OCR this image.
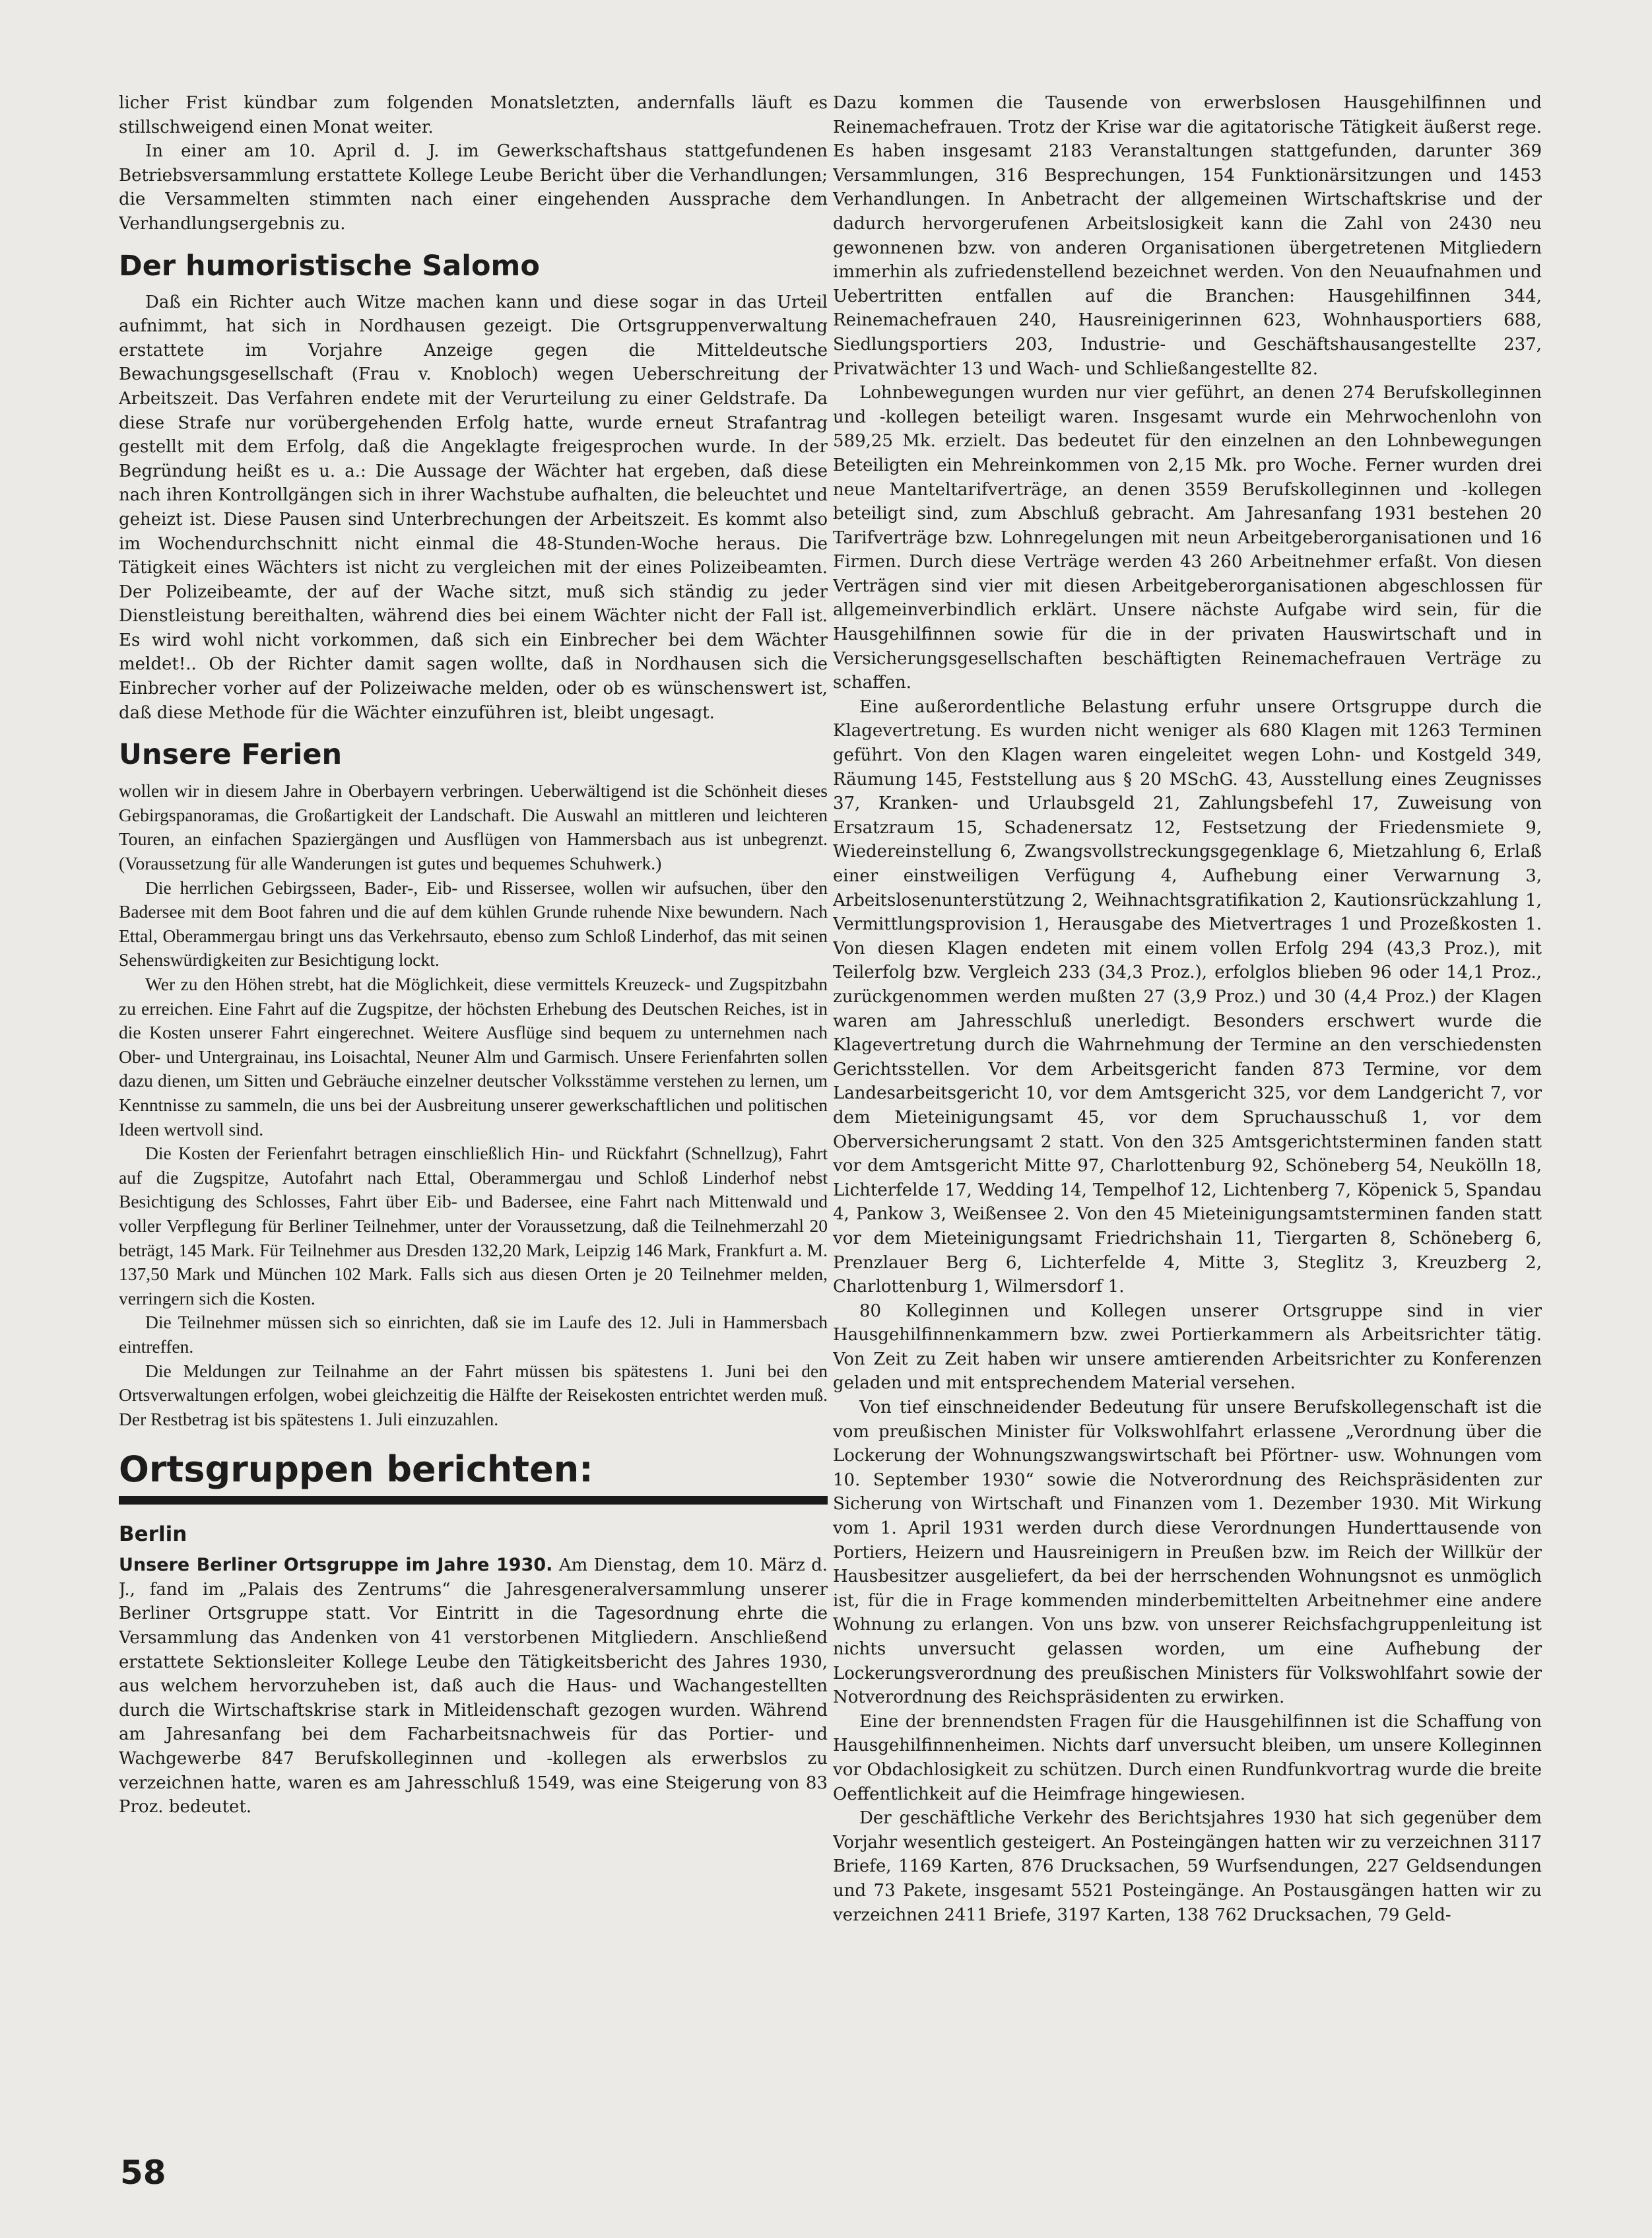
licher Frist kündbar zum folgenden Monatsletzten, andernfalls läuft es stillschweigend einen Monat weiter.

In einer am 10. April d. J. im Gewerkschaftshaus stattgefundenen Betriebsversammlung erstattete Kollege Leube Bericht über die Verhandlungen; die Versammelten stimmten nach einer eingehenden Aussprache dem Verhandlungsergebnis zu.

Der humoristische Salomo

Daß ein Richter auch Witze machen kann und diese sogar in das Urteil aufnimmt, hat sich in Nordhausen gezeigt. Die Ortsgruppenverwaltung erstattete im Vorjahre Anzeige gegen die Mitteldeutsche Bewachungsgesellschaft (Frau v. Knobloch) wegen Ueberschreitung der Arbeitszeit. Das Verfahren endete mit der Verurteilung zu einer Geldstrafe. Da diese Strafe nur vorübergehenden Erfolg hatte, wurde erneut Strafantrag gestellt mit dem Erfolg, daß die Angeklagte freigesprochen wurde. In der Begründung heißt es u. a.: Die Aussage der Wächter hat ergeben, daß diese nach ihren Kontrollgängen sich in ihrer Wachstube aufhalten, die beleuchtet und geheizt ist. Diese Pausen sind Unterbrechungen der Arbeitszeit. Es kommt also im Wochendurchschnitt nicht einmal die 48-Stunden-Woche heraus. Die Tätigkeit eines Wächters ist nicht zu vergleichen mit der eines Polizeibeamten. Der Polizeibeamte, der auf der Wache sitzt, muß sich ständig zu jeder Dienstleistung bereithalten, während dies bei einem Wächter nicht der Fall ist. Es wird wohl nicht vorkommen, daß sich ein Einbrecher bei dem Wächter meldet!.. Ob der Richter damit sagen wollte, daß in Nordhausen sich die Einbrecher vorher auf der Polizeiwache melden, oder ob es wünschenswert ist, daß diese Methode für die Wächter einzuführen ist, bleibt ungesagt.

Unsere Ferien

wollen wir in diesem Jahre in Oberbayern verbringen. Ueberwältigend ist die Schönheit dieses Gebirgspanoramas, die Großartigkeit der Landschaft. Die Auswahl an mittleren und leichteren Touren, an einfachen Spaziergängen und Ausflügen von Hammersbach aus ist unbegrenzt. (Voraussetzung für alle Wanderungen ist gutes und bequemes Schuhwerk.)

Die herrlichen Gebirgsseen, Bader-, Eib- und Rissersee, wollen wir aufsuchen, über den Badersee mit dem Boot fahren und die auf dem kühlen Grunde ruhende Nixe bewundern. Nach Ettal, Oberammergau bringt uns das Verkehrsauto, ebenso zum Schloß Linderhof, das mit seinen Sehenswürdigkeiten zur Besichtigung lockt.

Wer zu den Höhen strebt, hat die Möglichkeit, diese vermittels Kreuzeck- und Zugspitzbahn zu erreichen. Eine Fahrt auf die Zugspitze, der höchsten Erhebung des Deutschen Reiches, ist in die Kosten unserer Fahrt eingerechnet. Weitere Ausflüge sind bequem zu unternehmen nach Ober- und Untergrainau, ins Loisachtal, Neuner Alm und Garmisch. Unsere Ferienfahrten sollen dazu dienen, um Sitten und Gebräuche einzelner deutscher Volksstämme verstehen zu lernen, um Kenntnisse zu sammeln, die uns bei der Ausbreitung unserer gewerkschaftlichen und politischen Ideen wertvoll sind.

Die Kosten der Ferienfahrt betragen einschließlich Hin- und Rückfahrt (Schnellzug), Fahrt auf die Zugspitze, Autofahrt nach Ettal, Oberammergau und Schloß Linderhof nebst Besichtigung des Schlosses, Fahrt über Eib- und Badersee, eine Fahrt nach Mittenwald und voller Verpflegung für Berliner Teilnehmer, unter der Voraussetzung, daß die Teilnehmerzahl 20 beträgt, 145 Mark. Für Teilnehmer aus Dresden 132,20 Mark, Leipzig 146 Mark, Frankfurt a. M. 137,50 Mark und München 102 Mark. Falls sich aus diesen Orten je 20 Teilnehmer melden, verringern sich die Kosten.

Die Teilnehmer müssen sich so einrichten, daß sie im Laufe des 12. Juli in Hammersbach eintreffen.

Die Meldungen zur Teilnahme an der Fahrt müssen bis spätestens 1. Juni bei den Ortsverwaltungen erfolgen, wobei gleichzeitig die Hälfte der Reisekosten entrichtet werden muß. Der Restbetrag ist bis spätestens 1. Juli einzuzahlen.

Ortsgruppen berichten:
Berlin

Unsere Berliner Ortsgruppe im Jahre 1930. Am Dienstag, dem 10. März d. J., fand im „Palais des Zentrums“ die Jahresgeneralversammlung unserer Berliner Ortsgruppe statt. Vor Eintritt in die Tagesordnung ehrte die Versammlung das Andenken von 41 verstorbenen Mitgliedern. Anschließend erstattete Sektionsleiter Kollege Leube den Tätigkeitsbericht des Jahres 1930, aus welchem hervorzuheben ist, daß auch die Haus- und Wachangestellten durch die Wirtschaftskrise stark in Mitleidenschaft gezogen wurden. Während am Jahresanfang bei dem Facharbeitsnachweis für das Portier- und Wachgewerbe 847 Berufskolleginnen und -kollegen als erwerbslos zu verzeichnen hatte, waren es am Jahresschluß 1549, was eine Steigerung von 83 Proz. bedeutet.

Dazu kommen die Tausende von erwerbslosen Hausgehilfinnen und Reinemachefrauen. Trotz der Krise war die agitatorische Tätigkeit äußerst rege. Es haben insgesamt 2183 Veranstaltungen stattgefunden, darunter 369 Versammlungen, 316 Besprechungen, 154 Funktionärsitzungen und 1453 Verhandlungen. In Anbetracht der allgemeinen Wirtschaftskrise und der dadurch hervorgerufenen Arbeitslosigkeit kann die Zahl von 2430 neu gewonnenen bzw. von anderen Organisationen übergetretenen Mitgliedern immerhin als zufriedenstellend bezeichnet werden. Von den Neuaufnahmen und Uebertritten entfallen auf die Branchen: Hausgehilfinnen 344, Reinemachefrauen 240, Hausreinigerinnen 623, Wohnhausportiers 688, Siedlungsportiers 203, Industrie- und Geschäftshausangestellte 237, Privatwächter 13 und Wach- und Schließangestellte 82.

Lohnbewegungen wurden nur vier geführt, an denen 274 Berufskolleginnen und -kollegen beteiligt waren. Insgesamt wurde ein Mehrwochenlohn von 589,25 Mk. erzielt. Das bedeutet für den einzelnen an den Lohnbewegungen Beteiligten ein Mehreinkommen von 2,15 Mk. pro Woche. Ferner wurden drei neue Manteltarifverträge, an denen 3559 Berufskolleginnen und -kollegen beteiligt sind, zum Abschluß gebracht. Am Jahresanfang 1931 bestehen 20 Tarifverträge bzw. Lohnregelungen mit neun Arbeitgeberorganisationen und 16 Firmen. Durch diese Verträge werden 43 260 Arbeitnehmer erfaßt. Von diesen Verträgen sind vier mit diesen Arbeitgeberorganisationen abgeschlossen für allgemeinverbindlich erklärt. Unsere nächste Aufgabe wird sein, für die Hausgehilfinnen sowie für die in der privaten Hauswirtschaft und in Versicherungsgesellschaften beschäftigten Reinemachefrauen Verträge zu schaffen.

Eine außerordentliche Belastung erfuhr unsere Ortsgruppe durch die Klagevertretung. Es wurden nicht weniger als 680 Klagen mit 1263 Terminen geführt. Von den Klagen waren eingeleitet wegen Lohn- und Kostgeld 349, Räumung 145, Feststellung aus § 20 MSchG. 43, Ausstellung eines Zeugnisses 37, Kranken- und Urlaubsgeld 21, Zahlungsbefehl 17, Zuweisung von Ersatzraum 15, Schadenersatz 12, Festsetzung der Friedensmiete 9, Wiedereinstellung 6, Zwangsvollstreckungsgegenklage 6, Mietzahlung 6, Erlaß einer einstweiligen Verfügung 4, Aufhebung einer Verwarnung 3, Arbeitslosenunterstützung 2, Weihnachtsgratifikation 2, Kautionsrückzahlung 1, Vermittlungsprovision 1, Herausgabe des Mietvertrages 1 und Prozeßkosten 1. Von diesen Klagen endeten mit einem vollen Erfolg 294 (43,3 Proz.), mit Teilerfolg bzw. Vergleich 233 (34,3 Proz.), erfolglos blieben 96 oder 14,1 Proz., zurückgenommen werden mußten 27 (3,9 Proz.) und 30 (4,4 Proz.) der Klagen waren am Jahresschluß unerledigt. Besonders erschwert wurde die Klagevertretung durch die Wahrnehmung der Termine an den verschiedensten Gerichtsstellen. Vor dem Arbeitsgericht fanden 873 Termine, vor dem Landesarbeitsgericht 10, vor dem Amtsgericht 325, vor dem Landgericht 7, vor dem Mieteinigungsamt 45, vor dem Spruchausschuß 1, vor dem Oberversicherungsamt 2 statt. Von den 325 Amtsgerichtsterminen fanden statt vor dem Amtsgericht Mitte 97, Charlottenburg 92, Schöneberg 54, Neukölln 18, Lichterfelde 17, Wedding 14, Tempelhof 12, Lichtenberg 7, Köpenick 5, Spandau 4, Pankow 3, Weißensee 2. Von den 45 Mieteinigungsamtsterminen fanden statt vor dem Mieteinigungsamt Friedrichshain 11, Tiergarten 8, Schöneberg 6, Prenzlauer Berg 6, Lichterfelde 4, Mitte 3, Steglitz 3, Kreuzberg 2, Charlottenburg 1, Wilmersdorf 1.

80 Kolleginnen und Kollegen unserer Ortsgruppe sind in vier Hausgehilfinnenkammern bzw. zwei Portierkammern als Arbeitsrichter tätig. Von Zeit zu Zeit haben wir unsere amtierenden Arbeitsrichter zu Konferenzen geladen und mit entsprechendem Material versehen.

Von tief einschneidender Bedeutung für unsere Berufskollegenschaft ist die vom preußischen Minister für Volkswohlfahrt erlassene „Verordnung über die Lockerung der Wohnungszwangswirtschaft bei Pförtner- usw. Wohnungen vom 10. September 1930“ sowie die Notverordnung des Reichspräsidenten zur Sicherung von Wirtschaft und Finanzen vom 1. Dezember 1930. Mit Wirkung vom 1. April 1931 werden durch diese Verordnungen Hunderttausende von Portiers, Heizern und Hausreinigern in Preußen bzw. im Reich der Willkür der Hausbesitzer ausgeliefert, da bei der herrschenden Wohnungsnot es unmöglich ist, für die in Frage kommenden minderbemittelten Arbeitnehmer eine andere Wohnung zu erlangen. Von uns bzw. von unserer Reichsfachgruppenleitung ist nichts unversucht gelassen worden, um eine Aufhebung der Lockerungsverordnung des preußischen Ministers für Volkswohlfahrt sowie der Notverordnung des Reichspräsidenten zu erwirken.

Eine der brennendsten Fragen für die Hausgehilfinnen ist die Schaffung von Hausgehilfinnenheimen. Nichts darf unversucht bleiben, um unsere Kolleginnen vor Obdachlosigkeit zu schützen. Durch einen Rundfunkvortrag wurde die breite Oeffentlichkeit auf die Heimfrage hingewiesen.

Der geschäftliche Verkehr des Berichtsjahres 1930 hat sich gegenüber dem Vorjahr wesentlich gesteigert. An Posteingängen hatten wir zu verzeichnen 3117 Briefe, 1169 Karten, 876 Drucksachen, 59 Wurfsendungen, 227 Geldsendungen und 73 Pakete, insgesamt 5521 Posteingänge. An Postausgängen hatten wir zu verzeichnen 2411 Briefe, 3197 Karten, 138 762 Drucksachen, 79 Geld-

58
